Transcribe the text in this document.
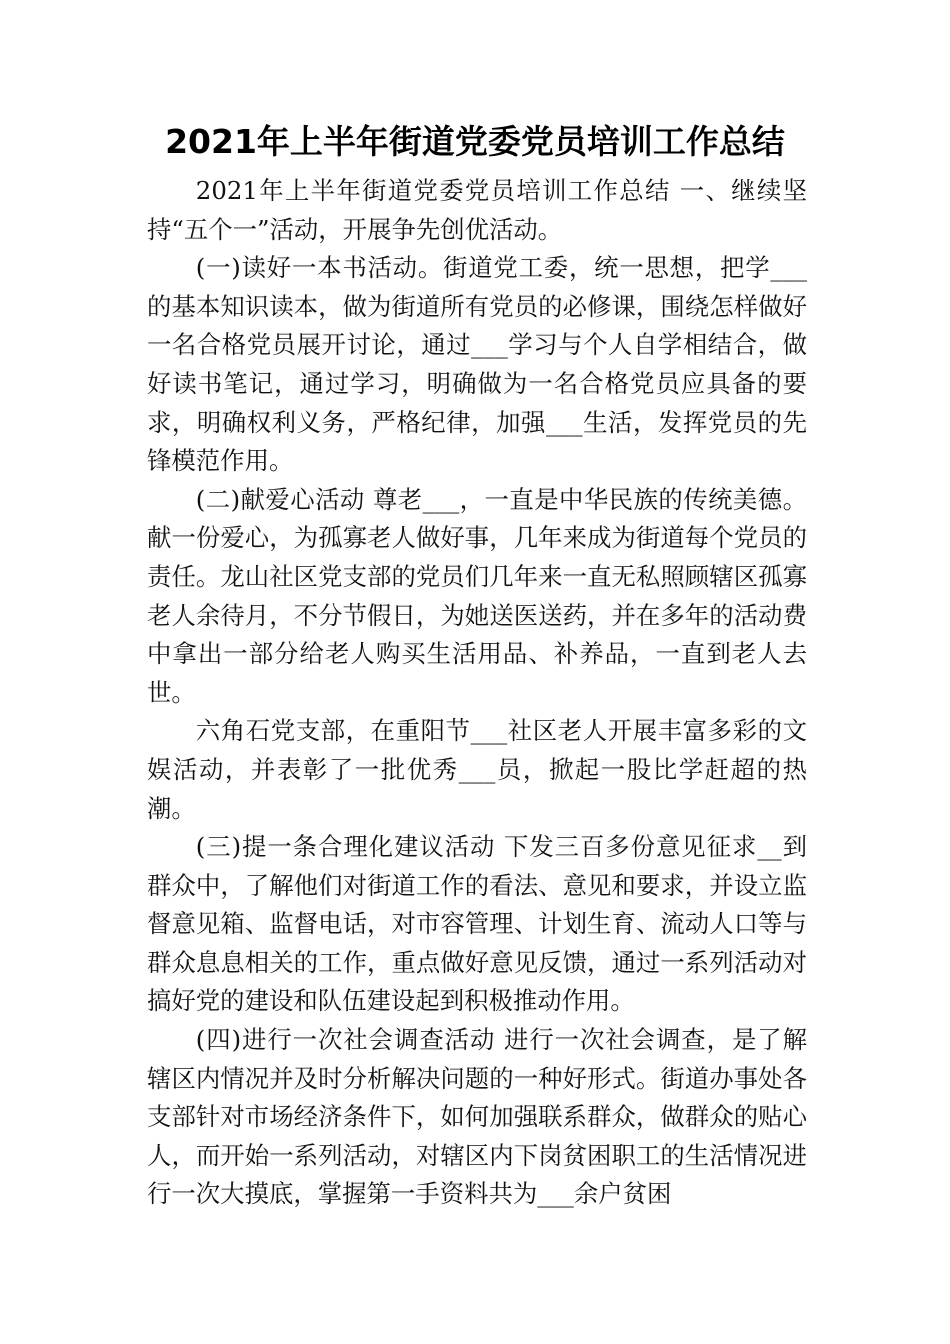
2021年上半年街道党委党员培训工作总结

2021年上半年街道党委党员培训工作总结 一、继续坚持“五个一”活动，开展争先创优活动。

(一)读好一本书活动。街道党工委，统一思想，把学___的基本知识读本，做为街道所有党员的必修课，围绕怎样做好一名合格党员展开讨论，通过___学习与个人自学相结合，做好读书笔记，通过学习，明确做为一名合格党员应具备的要求，明确权利义务，严格纪律，加强___生活，发挥党员的先锋模范作用。

(二)献爱心活动 尊老___，一直是中华民族的传统美德。献一份爱心，为孤寡老人做好事，几年来成为街道每个党员的责任。龙山社区党支部的党员们几年来一直无私照顾辖区孤寡老人余待月，不分节假日，为她送医送药，并在多年的活动费中拿出一部分给老人购买生活用品、补养品，一直到老人去世。

六角石党支部，在重阳节___社区老人开展丰富多彩的文娱活动，并表彰了一批优秀___员，掀起一股比学赶超的热潮。

(三)提一条合理化建议活动 下发三百多份意见征求__到群众中，了解他们对街道工作的看法、意见和要求，并设立监督意见箱、监督电话，对市容管理、计划生育、流动人口等与群众息息相关的工作，重点做好意见反馈，通过一系列活动对搞好党的建设和队伍建设起到积极推动作用。

(四)进行一次社会调查活动 进行一次社会调查，是了解辖区内情况并及时分析解决问题的一种好形式。街道办事处各支部针对市场经济条件下，如何加强联系群众，做群众的贴心人，而开始一系列活动，对辖区内下岗贫困职工的生活情况进行一次大摸底，掌握第一手资料共为___余户贫困
